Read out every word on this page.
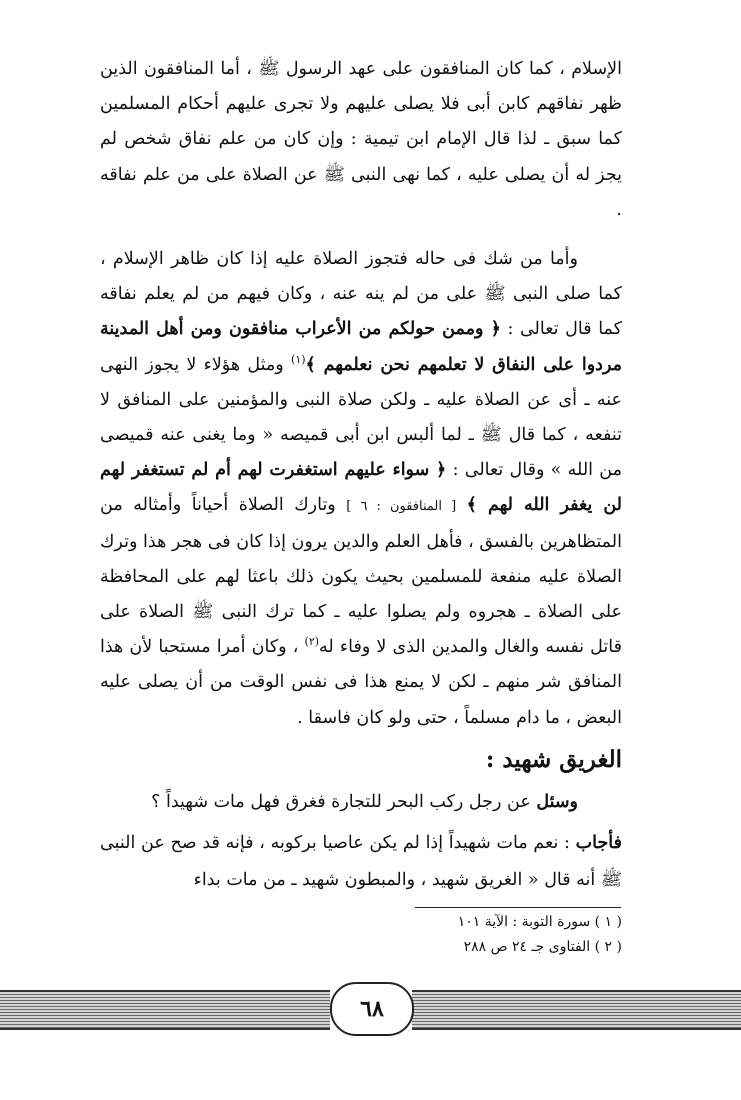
الإسلام ، كما كان المنافقون على عهد الرسول ﷺ ، أما المنافقون الذين ظهر نفاقهم كابن أبى فلا يصلى عليهم ولا تجرى عليهم أحكام المسلمين كما سبق ـ لذا قال الإمام ابن تيمية : وإن كان من علم نفاق شخص لم يجز له أن يصلى عليه ، كما نهى النبى ﷺ عن الصلاة على من علم نفاقه .

وأما من شك فى حاله فتجوز الصلاة عليه إذا كان ظاهر الإسلام ، كما صلى النبى ﷺ على من لم ينه عنه ، وكان فيهم من لم يعلم نفاقه كما قال تعالى : ﴿ وممن حولكم من الأعراب منافقون ومن أهل المدينة مردوا على النفاق لا تعلمهم نحن نعلمهم ﴾$^{(١)}$ ومثل هؤلاء لا يجوز النهى عنه ـ أى عن الصلاة عليه ـ ولكن صلاة النبى والمؤمنين على المنافق لا تنفعه ، كما قال ﷺ ـ لما ألبس ابن أبى قميصه « وما يغنى عنه قميصى من الله » وقال تعالى : ﴿ سواء عليهم استغفرت لهم أم لم تستغفر لهم لن يغفر الله لهم ﴾ [ المنافقون : ٦ ] وتارك الصلاة أحياناً وأمثاله من المتظاهرين بالفسق ، فأهل العلم والدين يرون إذا كان فى هجر هذا وترك الصلاة عليه منفعة للمسلمين بحيث يكون ذلك باعثا لهم على المحافظة على الصلاة ـ هجروه ولم يصلوا عليه ـ كما ترك النبى ﷺ الصلاة على قاتل نفسه والغال والمدين الذى لا وفاء له$^{(٢)}$ ، وكان أمرا مستحبا لأن هذا المنافق شر منهم ـ لكن لا يمنع هذا فى نفس الوقت من أن يصلى عليه البعض ، ما دام مسلماً ، حتى ولو كان فاسقا .

الغريق شهيد :

وسئل عن رجل ركب البحر للتجارة فغرق فهل مات شهيداً ؟

فأجاب : نعم مات شهيداً إذا لم يكن عاصيا بركوبه ، فإنه قد صح عن النبى ﷺ أنه قال « الغريق شهيد ، والمبطون شهيد ـ من مات بداء

( ١ ) سورة التوبة : الآية ١٠١
( ٢ ) الفتاوى جـ ٢٤ ص ٢٨٨
٦٨
